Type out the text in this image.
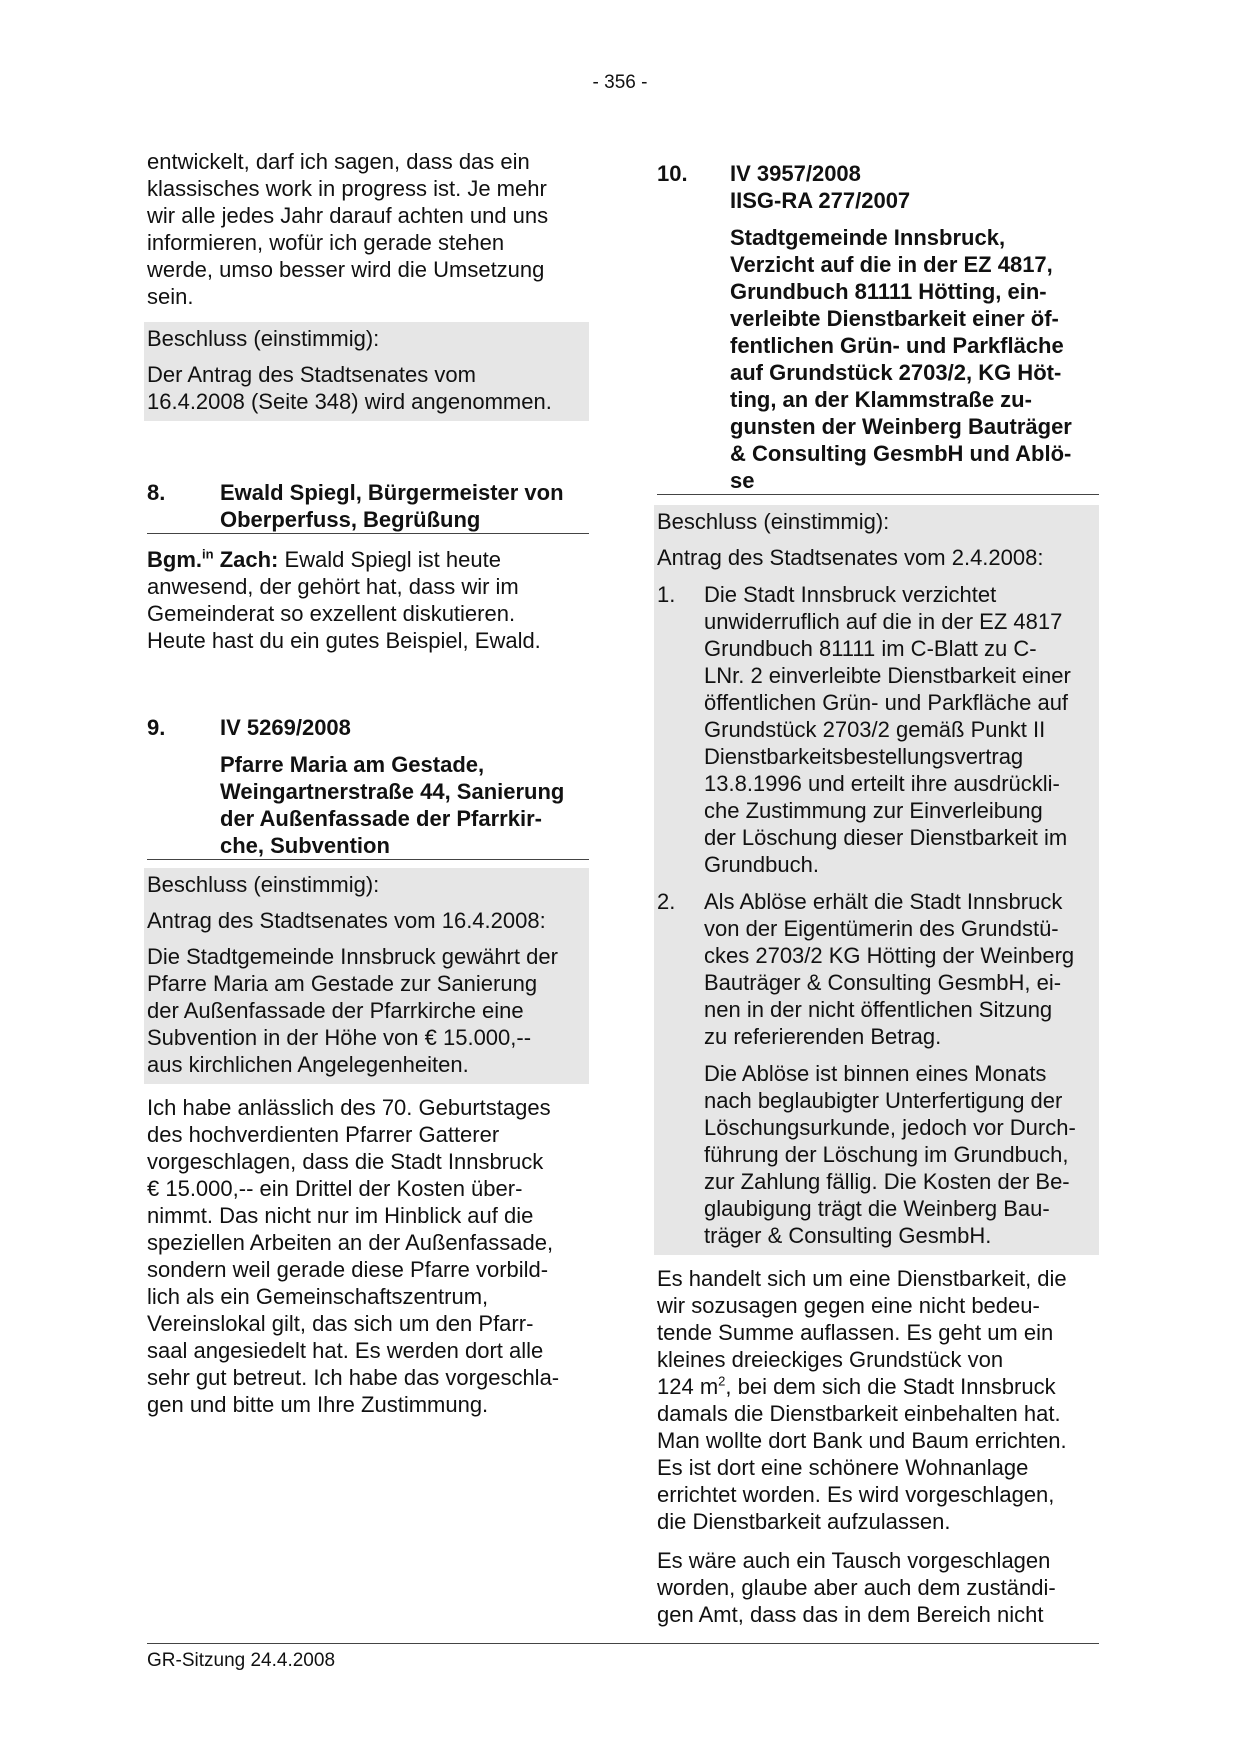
- 356 -

entwickelt, darf ich sagen, dass das ein
klassisches work in progress ist. Je mehr
wir alle jedes Jahr darauf achten und uns
informieren, wofür ich gerade stehen
werde, umso besser wird die Umsetzung
sein.

Beschluss (einstimmig):

Der Antrag des Stadtsenates vom
16.4.2008 (Seite 348) wird angenommen.

8.	Ewald Spiegl, Bürgermeister von
Oberperfuss, Begrüßung

Bgm.$^{in}$ Zach: Ewald Spiegl ist heute
anwesend, der gehört hat, dass wir im
Gemeinderat so exzellent diskutieren.
Heute hast du ein gutes Beispiel, Ewald.

9.	IV 5269/2008
Pfarre Maria am Gestade,
Weingartnerstraße 44, Sanierung
der Außenfassade der Pfarrkir-
che, Subvention

Beschluss (einstimmig):

Antrag des Stadtsenates vom 16.4.2008:

Die Stadtgemeinde Innsbruck gewährt der
Pfarre Maria am Gestade zur Sanierung
der Außenfassade der Pfarrkirche eine
Subvention in der Höhe von € 15.000,--
aus kirchlichen Angelegenheiten.

Ich habe anlässlich des 70. Geburtstages
des hochverdienten Pfarrer Gatterer
vorgeschlagen, dass die Stadt Innsbruck
€ 15.000,-- ein Drittel der Kosten über-
nimmt. Das nicht nur im Hinblick auf die
speziellen Arbeiten an der Außenfassade,
sondern weil gerade diese Pfarre vorbild-
lich als ein Gemeinschaftszentrum,
Vereinslokal gilt, das sich um den Pfarr-
saal angesiedelt hat. Es werden dort alle
sehr gut betreut. Ich habe das vorgeschla-
gen und bitte um Ihre Zustimmung.

10.	IV 3957/2008
IISG-RA 277/2007
Stadtgemeinde Innsbruck,
Verzicht auf die in der EZ 4817,
Grundbuch 81111 Hötting, ein-
verleibte Dienstbarkeit einer öf-
fentlichen Grün- und Parkfläche
auf Grundstück 2703/2, KG Höt-
ting, an der Klammstraße zu-
gunsten der Weinberg Bauträger
& Consulting GesmbH und Ablö-
se

Beschluss (einstimmig):

Antrag des Stadtsenates vom 2.4.2008:

1.	Die Stadt Innsbruck verzichtet
unwiderruflich auf die in der EZ 4817
Grundbuch 81111 im C-Blatt zu C-
LNr. 2 einverleibte Dienstbarkeit einer
öffentlichen Grün- und Parkfläche auf
Grundstück 2703/2 gemäß Punkt II
Dienstbarkeitsbestellungsvertrag
13.8.1996 und erteilt ihre ausdrückli-
che Zustimmung zur Einverleibung
der Löschung dieser Dienstbarkeit im
Grundbuch.
2.	Als Ablöse erhält die Stadt Innsbruck
von der Eigentümerin des Grundstü-
ckes 2703/2 KG Hötting der Weinberg
Bauträger & Consulting GesmbH, ei-
nen in der nicht öffentlichen Sitzung
zu referierenden Betrag.
Die Ablöse ist binnen eines Monats
nach beglaubigter Unterfertigung der
Löschungsurkunde, jedoch vor Durch-
führung der Löschung im Grundbuch,
zur Zahlung fällig. Die Kosten der Be-
glaubigung trägt die Weinberg Bau-
träger & Consulting GesmbH.

Es handelt sich um eine Dienstbarkeit, die
wir sozusagen gegen eine nicht bedeu-
tende Summe auflassen. Es geht um ein
kleines dreieckiges Grundstück von
124 $m^2$, bei dem sich die Stadt Innsbruck
damals die Dienstbarkeit einbehalten hat.
Man wollte dort Bank und Baum errichten.
Es ist dort eine schönere Wohnanlage
errichtet worden. Es wird vorgeschlagen,
die Dienstbarkeit aufzulassen.

Es wäre auch ein Tausch vorgeschlagen
worden, glaube aber auch dem zuständi-
gen Amt, dass das in dem Bereich nicht

GR-Sitzung 24.4.2008
